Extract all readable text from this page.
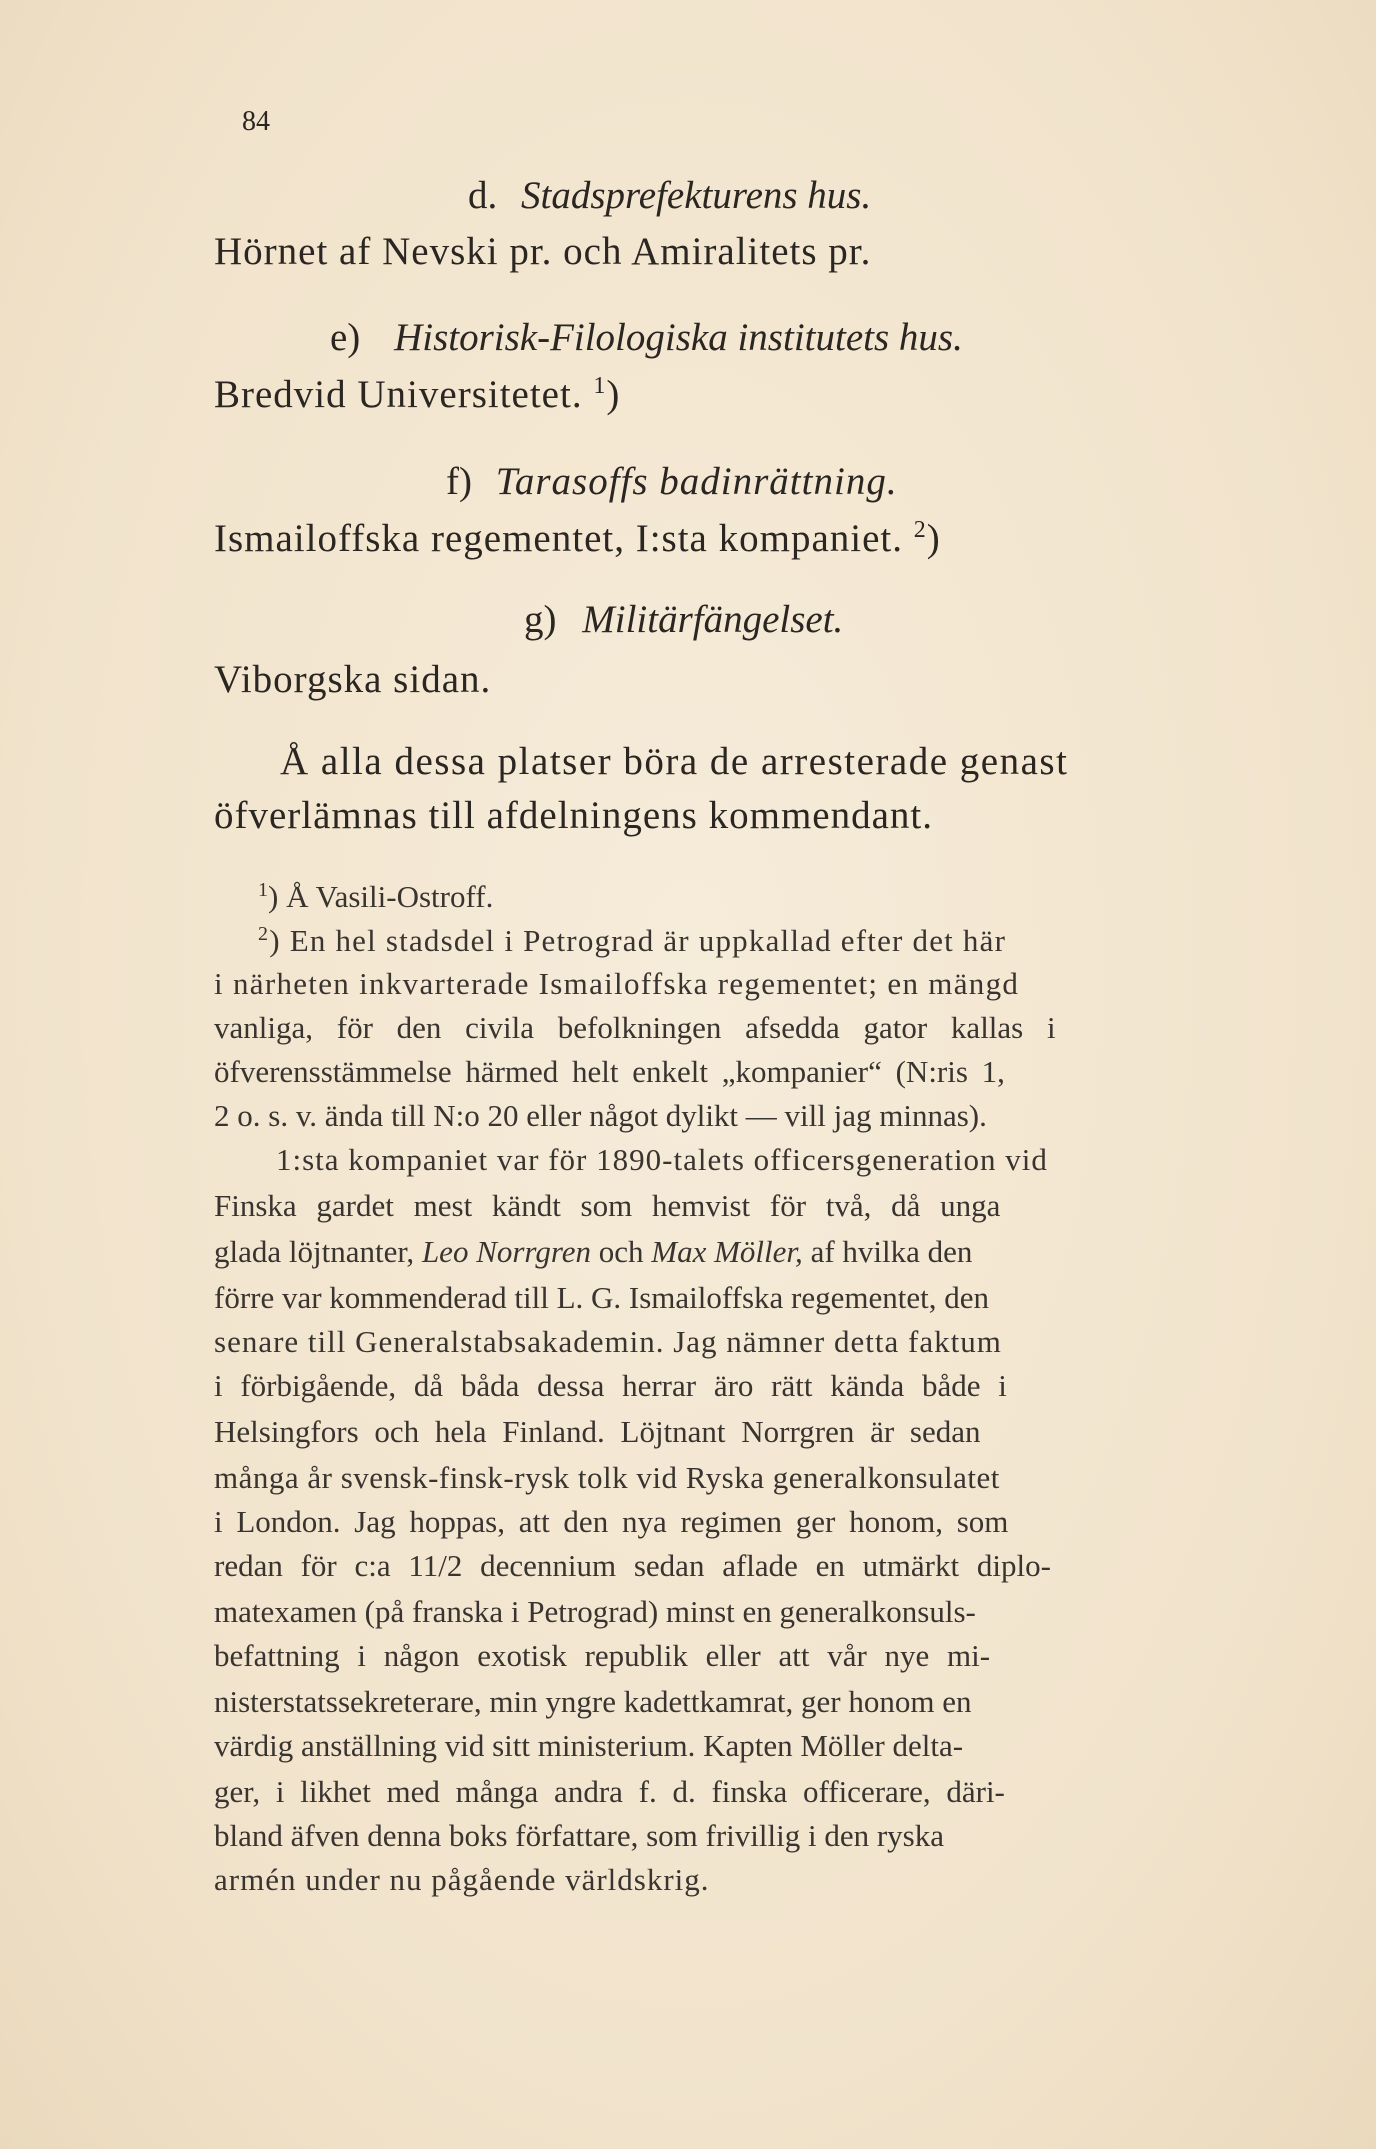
84

d. Stadsprefekturens hus.

Hörnet af Nevski pr. och Amiralitets pr.

e) Historisk-Filologiska institutets hus.

Bredvid Universitetet. $^1$)

f) Tarasoffs badinrättning.

Ismailoffska regementet, I:sta kompaniet. $^2$)

g) Militärfängelset.

Viborgska sidan.

Å alla dessa platser böra de arresterade genast

öfverlämnas till afdelningens kommendant.

$^1$) Å Vasili-Ostroff.

$^2$) En hel stadsdel i Petrograd är uppkallad efter det här

i närheten inkvarterade Ismailoffska regementet; en mängd

vanliga, för den civila befolkningen afsedda gator kallas i

öfverensstämmelse härmed helt enkelt „kompanier“ (N:ris 1,

2 o. s. v. ända till N:o 20 eller något dylikt — vill jag minnas).

1:sta kompaniet var för 1890-talets officersgeneration vid

Finska gardet mest kändt som hemvist för två, då unga

glada löjtnanter, Leo Norrgren och Max Möller, af hvilka den

förre var kommenderad till L. G. Ismailoffska regementet, den

senare till Generalstabsakademin. Jag nämner detta faktum

i förbigående, då båda dessa herrar äro rätt kända både i

Helsingfors och hela Finland. Löjtnant Norrgren är sedan

många år svensk-finsk-rysk tolk vid Ryska generalkonsulatet

i London. Jag hoppas, att den nya regimen ger honom, som

redan för c:a 11/2 decennium sedan aflade en utmärkt diplo-

matexamen (på franska i Petrograd) minst en generalkonsuls-

befattning i någon exotisk republik eller att vår nye mi-

nisterstatssekreterare, min yngre kadettkamrat, ger honom en

värdig anställning vid sitt ministerium. Kapten Möller delta-

ger, i likhet med många andra f. d. finska officerare, däri-

bland äfven denna boks författare, som frivillig i den ryska

armén under nu pågående världskrig.
